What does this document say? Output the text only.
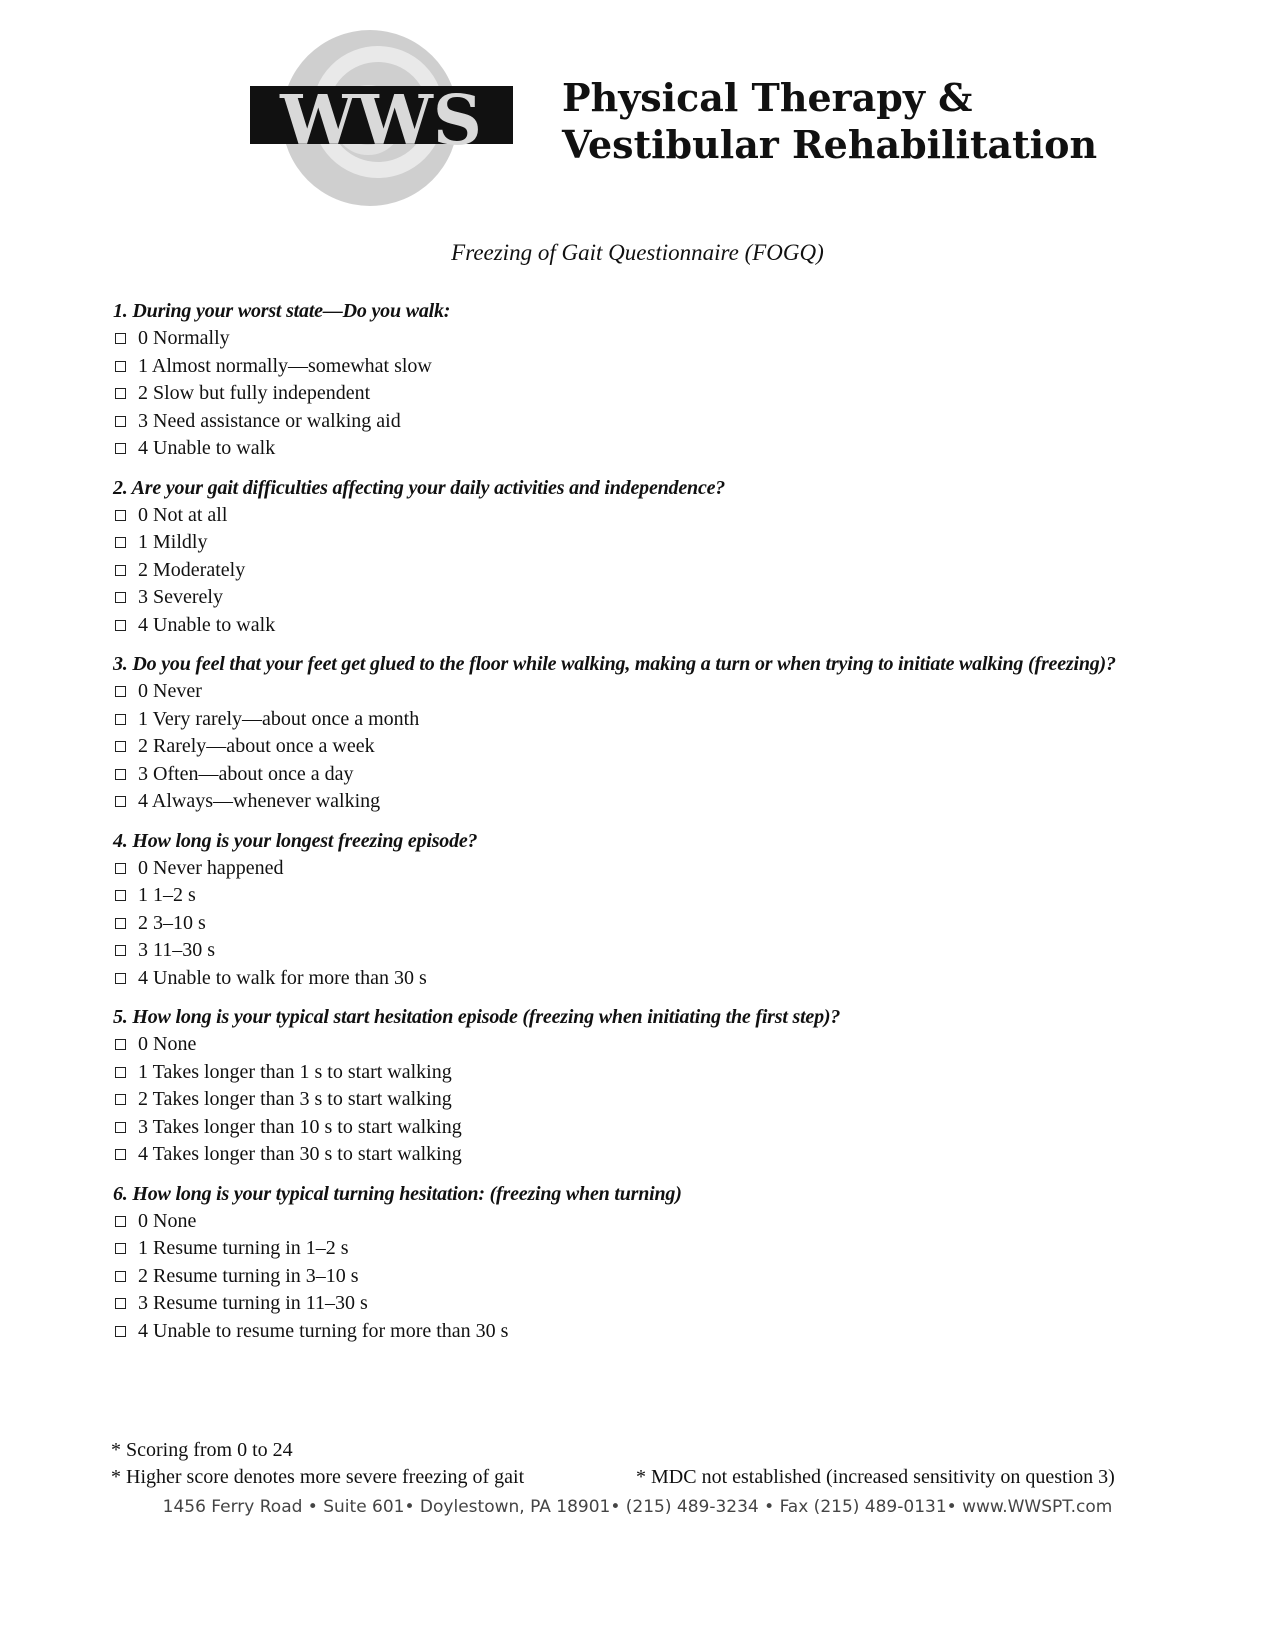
WWS Physical Therapy &
Vestibular Rehabilitation
Freezing of Gait Questionnaire (FOGQ)
1. During your worst state—Do you walk:
0 Normally
1 Almost normally—somewhat slow
2 Slow but fully independent
3 Need assistance or walking aid
4 Unable to walk
2. Are your gait difficulties affecting your daily activities and independence?
0 Not at all
1 Mildly
2 Moderately
3 Severely
4 Unable to walk
3. Do you feel that your feet get glued to the floor while walking, making a turn or when trying to initiate walking (freezing)?
0 Never
1 Very rarely—about once a month
2 Rarely—about once a week
3 Often—about once a day
4 Always—whenever walking
4. How long is your longest freezing episode?
0 Never happened
1 1–2 s
2 3–10 s
3 11–30 s
4 Unable to walk for more than 30 s
5. How long is your typical start hesitation episode (freezing when initiating the first step)?
0 None
1 Takes longer than 1 s to start walking
2 Takes longer than 3 s to start walking
3 Takes longer than 10 s to start walking
4 Takes longer than 30 s to start walking
6. How long is your typical turning hesitation: (freezing when turning)
0 None
1 Resume turning in 1–2 s
2 Resume turning in 3–10 s
3 Resume turning in 11–30 s
4 Unable to resume turning for more than 30 s
* Scoring from 0 to 24
* Higher score denotes more severe freezing of gait	* MDC not established (increased sensitivity on question 3)
1456 Ferry Road • Suite 601• Doylestown, PA 18901• (215) 489-3234 • Fax (215) 489-0131• www.WWSPT.com
